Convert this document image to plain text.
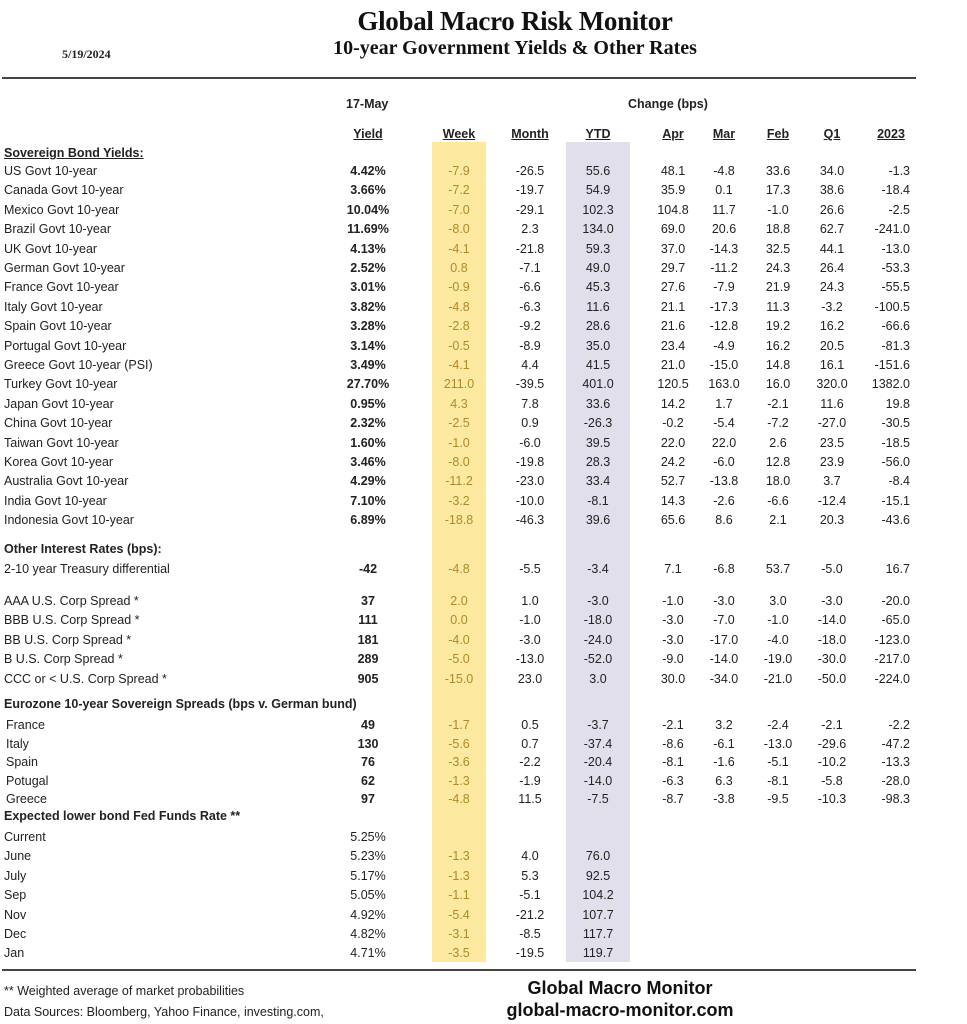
Global Macro Risk Monitor
10-year Government Yields & Other Rates
5/19/2024
17-May	Change (bps)
Yield	Week	Month	YTD	Apr	Mar	Feb	Q1	2023
Sovereign Bond Yields:
US Govt 10-year	4.42%	-7.9	-26.5	55.6	48.1	-4.8	33.6	34.0	-1.3
Canada Govt 10-year	3.66%	-7.2	-19.7	54.9	35.9	0.1	17.3	38.6	-18.4
Mexico Govt 10-year	10.04%	-7.0	-29.1	102.3	104.8	11.7	-1.0	26.6	-2.5
Brazil Govt 10-year	11.69%	-8.0	2.3	134.0	69.0	20.6	18.8	62.7	-241.0
UK Govt 10-year	4.13%	-4.1	-21.8	59.3	37.0	-14.3	32.5	44.1	-13.0
German Govt 10-year	2.52%	0.8	-7.1	49.0	29.7	-11.2	24.3	26.4	-53.3
France Govt 10-year	3.01%	-0.9	-6.6	45.3	27.6	-7.9	21.9	24.3	-55.5
Italy Govt 10-year	3.82%	-4.8	-6.3	11.6	21.1	-17.3	11.3	-3.2	-100.5
Spain Govt 10-year	3.28%	-2.8	-9.2	28.6	21.6	-12.8	19.2	16.2	-66.6
Portugal Govt 10-year	3.14%	-0.5	-8.9	35.0	23.4	-4.9	16.2	20.5	-81.3
Greece Govt 10-year (PSI)	3.49%	-4.1	4.4	41.5	21.0	-15.0	14.8	16.1	-151.6
Turkey Govt 10-year	27.70%	211.0	-39.5	401.0	120.5	163.0	16.0	320.0	1382.0
Japan Govt 10-year	0.95%	4.3	7.8	33.6	14.2	1.7	-2.1	11.6	19.8
China Govt 10-year	2.32%	-2.5	0.9	-26.3	-0.2	-5.4	-7.2	-27.0	-30.5
Taiwan Govt 10-year	1.60%	-1.0	-6.0	39.5	22.0	22.0	2.6	23.5	-18.5
Korea Govt 10-year	3.46%	-8.0	-19.8	28.3	24.2	-6.0	12.8	23.9	-56.0
Australia Govt 10-year	4.29%	-11.2	-23.0	33.4	52.7	-13.8	18.0	3.7	-8.4
India Govt 10-year	7.10%	-3.2	-10.0	-8.1	14.3	-2.6	-6.6	-12.4	-15.1
Indonesia Govt 10-year	6.89%	-18.8	-46.3	39.6	65.6	8.6	2.1	20.3	-43.6
Other Interest Rates (bps):
2-10 year Treasury differential	-42	-4.8	-5.5	-3.4	7.1	-6.8	53.7	-5.0	16.7
AAA U.S. Corp Spread *	37	2.0	1.0	-3.0	-1.0	-3.0	3.0	-3.0	-20.0
BBB U.S. Corp Spread *	111	0.0	-1.0	-18.0	-3.0	-7.0	-1.0	-14.0	-65.0
BB U.S. Corp Spread *	181	-4.0	-3.0	-24.0	-3.0	-17.0	-4.0	-18.0	-123.0
B U.S. Corp Spread *	289	-5.0	-13.0	-52.0	-9.0	-14.0	-19.0	-30.0	-217.0
CCC or < U.S. Corp Spread *	905	-15.0	23.0	3.0	30.0	-34.0	-21.0	-50.0	-224.0
Eurozone 10-year Sovereign Spreads (bps v. German bund)
France	49	-1.7	0.5	-3.7	-2.1	3.2	-2.4	-2.1	-2.2
Italy	130	-5.6	0.7	-37.4	-8.6	-6.1	-13.0	-29.6	-47.2
Spain	76	-3.6	-2.2	-20.4	-8.1	-1.6	-5.1	-10.2	-13.3
Potugal	62	-1.3	-1.9	-14.0	-6.3	6.3	-8.1	-5.8	-28.0
Greece	97	-4.8	11.5	-7.5	-8.7	-3.8	-9.5	-10.3	-98.3
Expected lower bond Fed Funds Rate **
Current	5.25%
June	5.23%	-1.3	4.0	76.0
July	5.17%	-1.3	5.3	92.5
Sep	5.05%	-1.1	-5.1	104.2
Nov	4.92%	-5.4	-21.2	107.7
Dec	4.82%	-3.1	-8.5	117.7
Jan	4.71%	-3.5	-19.5	119.7
** Weighted average of market probabilities
Data Sources: Bloomberg, Yahoo Finance, investing.com,
Global Macro Monitor
global-macro-monitor.com
